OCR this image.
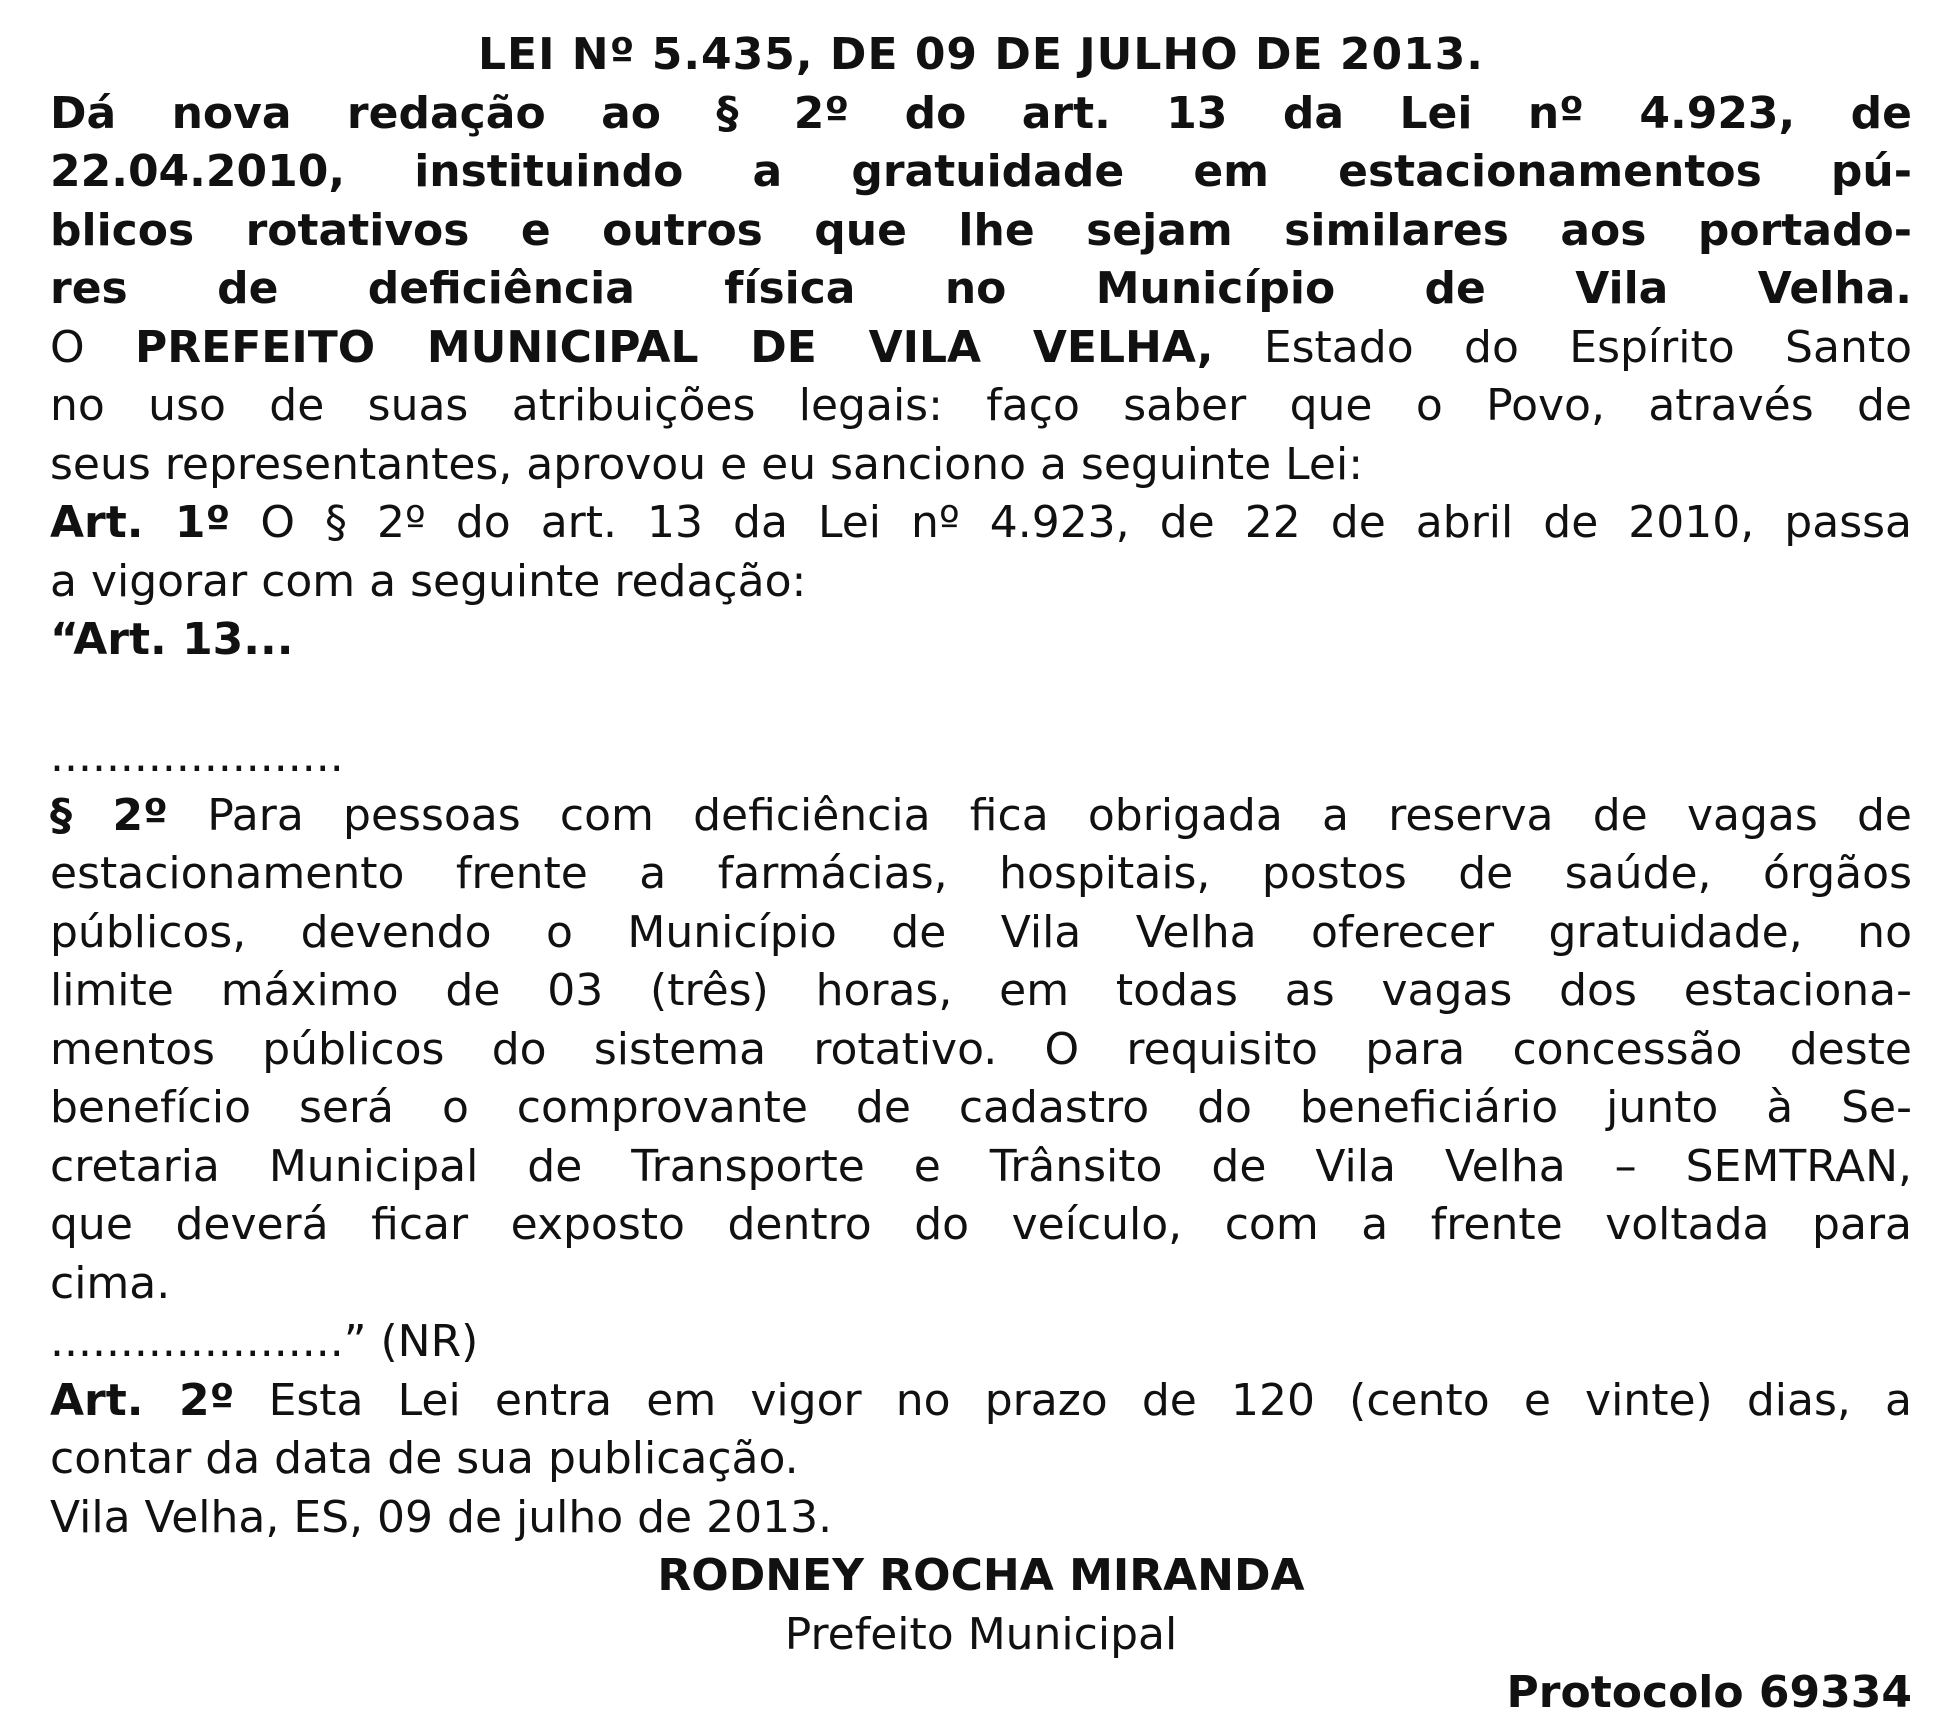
LEI Nº 5.435, DE 09 DE JULHO DE 2013.
Dá nova redação ao § 2º do art. 13 da Lei nº 4.923, de
22.04.2010, instituindo a gratuidade em estacionamentos pú-
blicos rotativos e outros que lhe sejam similares aos portado-
res de deficiência física no Município de Vila Velha.
O PREFEITO MUNICIPAL DE VILA VELHA, Estado do Espírito Santo
no uso de suas atribuições legais: faço saber que o Povo, através de
seus representantes, aprovou e eu sanciono a seguinte Lei:
Art. 1º O § 2º do art. 13 da Lei nº 4.923, de 22 de abril de 2010, passa
a vigorar com a seguinte redação:
“Art. 13...
.....................
§ 2º Para pessoas com deficiência fica obrigada a reserva de vagas de
estacionamento frente a farmácias, hospitais, postos de saúde, órgãos
públicos, devendo o Município de Vila Velha oferecer gratuidade, no
limite máximo de 03 (três) horas, em todas as vagas dos estaciona-
mentos públicos do sistema rotativo. O requisito para concessão deste
benefício será o comprovante de cadastro do beneficiário junto à Se-
cretaria Municipal de Transporte e Trânsito de Vila Velha – SEMTRAN,
que deverá ficar exposto dentro do veículo, com a frente voltada para
cima.
.....................” (NR)
Art. 2º Esta Lei entra em vigor no prazo de 120 (cento e vinte) dias, a
contar da data de sua publicação.
Vila Velha, ES, 09 de julho de 2013.
RODNEY ROCHA MIRANDA
Prefeito Municipal
Protocolo 69334
